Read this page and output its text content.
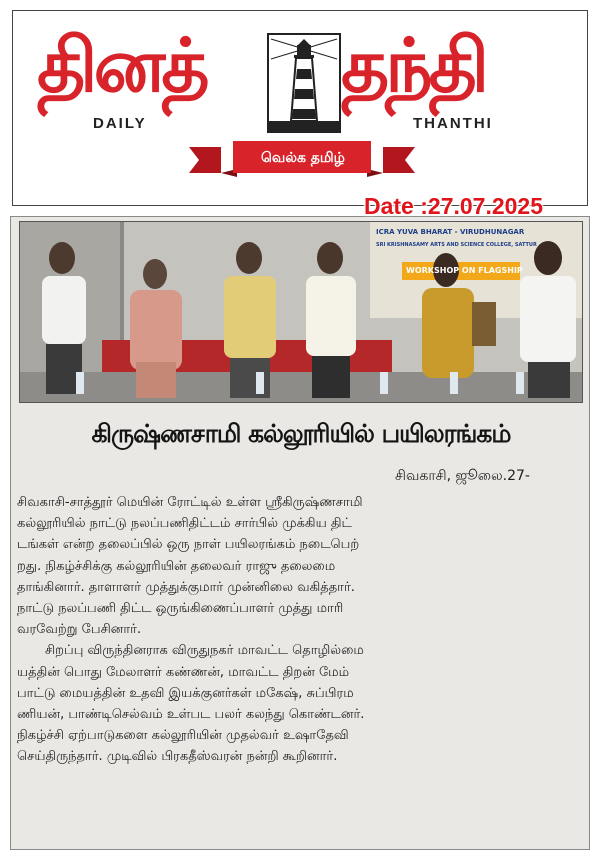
தினத் தந்தி
DAILY	THANTHI
வெல்க தமிழ்
Date :27.07.2025
ICRA YUVA BHARAT - VIRUDHUNAGAR
SRI KRISHNASAMY ARTS AND SCIENCE COLLEGE, SATTUR
WORKSHOP ON FLAGSHIP
கிருஷ்ணசாமி கல்லூரியில் பயிலரங்கம்
சிவகாசி, ஜூலை.27-
சிவகாசி-சாத்தூர் மெயின் ரோட்டில் உள்ள ஸ்ரீகிருஷ்ணசாமி
கல்லூரியில் நாட்டு நலப்பணிதிட்டம் சார்பில் முக்கிய திட்
டங்கள் என்ற தலைப்பில் ஒரு நாள் பயிலரங்கம் நடைபெற்
றது. நிகழ்ச்சிக்கு கல்லூரியின் தலைவர் ராஜு தலைமை
தாங்கினார். தாளாளர் முத்துக்குமார் முன்னிலை வகித்தார்.
நாட்டு நலப்பணி திட்ட ஒருங்கிணைப்பாளர் முத்து மாரி
வரவேற்று பேசினார்.
சிறப்பு விருந்தினராக விருதுநகர் மாவட்ட தொழில்மை
யத்தின் பொது மேலாளர் கண்ணன், மாவட்ட திறன் மேம்
பாட்டு மையத்தின் உதவி இயக்குனர்கள் மகேஷ், சுப்பிரம
ணியன், பாண்டிசெல்வம் உள்பட பலர் கலந்து கொண்டனர்.
நிகழ்ச்சி ஏற்பாடுகளை கல்லூரியின் முதல்வர் உஷாதேவி
செய்திருந்தார். முடிவில் பிரகதீஸ்வரன் நன்றி கூறினார்.
